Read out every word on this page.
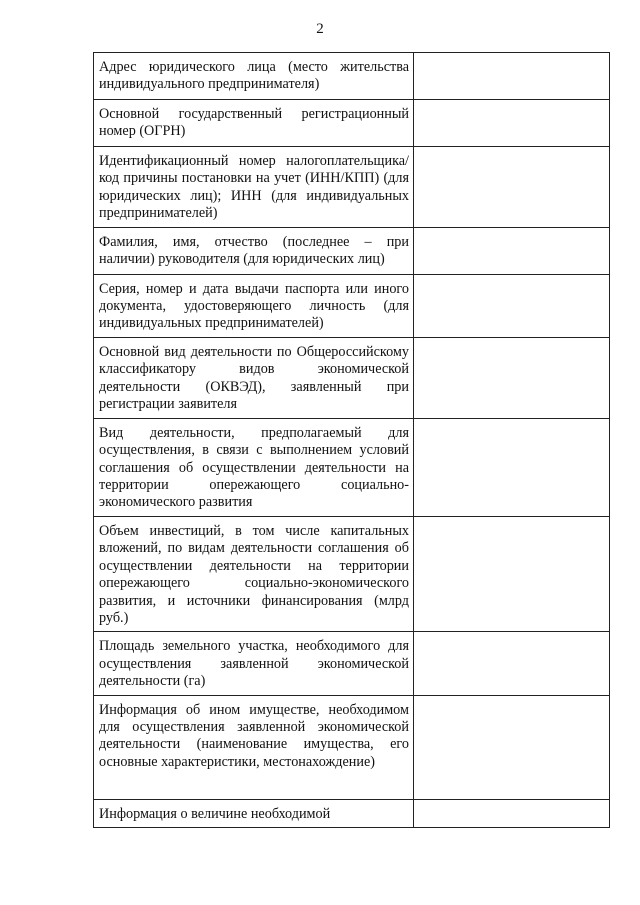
2
Адрес юридического лица (место жительства индивидуального предпринимателя)	

Основной государственный регистрационный номер (ОГРН)	

Идентификационный номер налогоплательщика/код причины постановки на учет (ИНН/КПП) (для юридических лиц); ИНН (для индивидуальных предпринимателей)	

Фамилия, имя, отчество (последнее – при наличии) руководителя (для юридических лиц)	

Серия, номер и дата выдачи паспорта или иного документа, удостоверяющего личность (для индивидуальных предпринимателей)	

Основной вид деятельности по Общероссийскому классификатору видов экономической деятельности (ОКВЭД), заявленный при регистрации заявителя	

Вид деятельности, предполагаемый для осуществления, в связи с выполнением условий соглашения об осуществлении деятельности на территории опережающего социально-экономического развития	

Объем инвестиций, в том числе капитальных вложений, по видам деятельности соглашения об осуществлении деятельности на территории опережающего социально-экономического развития, и источники финансирования (млрд руб.)	

Площадь земельного участка, необходимого для осуществления заявленной экономической деятельности (га)	

Информация об ином имуществе, необходимом для осуществления заявленной экономической деятельности (наименование имущества, его основные характеристики, местонахождение)	

Информация о величине необходимой	
